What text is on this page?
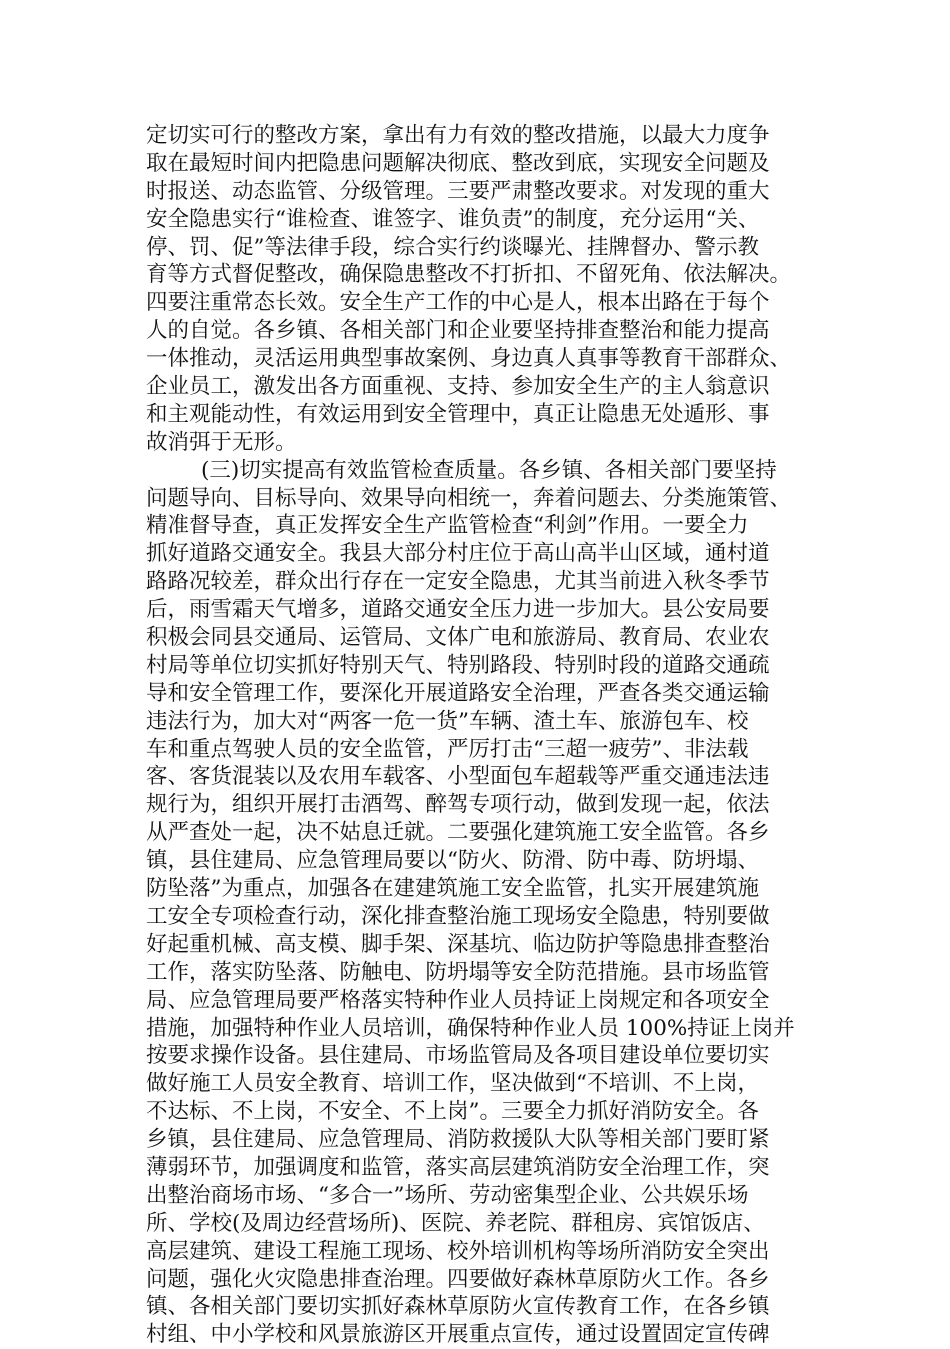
定切实可行的整改方案，拿出有力有效的整改措施，以最大力度争
取在最短时间内把隐患问题解决彻底、整改到底，实现安全问题及
时报送、动态监管、分级管理。三要严肃整改要求。对发现的重大
安全隐患实行“谁检查、谁签字、谁负责”的制度，充分运用“关、
停、罚、促”等法律手段，综合实行约谈曝光、挂牌督办、警示教
育等方式督促整改，确保隐患整改不打折扣、不留死角、依法解决。
四要注重常态长效。安全生产工作的中心是人，根本出路在于每个
人的自觉。各乡镇、各相关部门和企业要坚持排查整治和能力提高
一体推动，灵活运用典型事故案例、身边真人真事等教育干部群众、
企业员工，激发出各方面重视、支持、参加安全生产的主人翁意识
和主观能动性，有效运用到安全管理中，真正让隐患无处遁形、事
故消弭于无形。
(三)切实提高有效监管检查质量。各乡镇、各相关部门要坚持
问题导向、目标导向、效果导向相统一，奔着问题去、分类施策管、
精准督导查，真正发挥安全生产监管检查“利剑”作用。一要全力
抓好道路交通安全。我县大部分村庄位于高山高半山区域，通村道
路路况较差，群众出行存在一定安全隐患，尤其当前进入秋冬季节
后，雨雪霜天气增多，道路交通安全压力进一步加大。县公安局要
积极会同县交通局、运管局、文体广电和旅游局、教育局、农业农
村局等单位切实抓好特别天气、特别路段、特别时段的道路交通疏
导和安全管理工作，要深化开展道路安全治理，严查各类交通运输
违法行为，加大对“两客一危一货”车辆、渣土车、旅游包车、校
车和重点驾驶人员的安全监管，严厉打击“三超一疲劳”、非法载
客、客货混装以及农用车载客、小型面包车超载等严重交通违法违
规行为，组织开展打击酒驾、醉驾专项行动，做到发现一起，依法
从严查处一起，决不姑息迁就。二要强化建筑施工安全监管。各乡
镇，县住建局、应急管理局要以“防火、防滑、防中毒、防坍塌、
防坠落”为重点，加强各在建建筑施工安全监管，扎实开展建筑施
工安全专项检查行动，深化排查整治施工现场安全隐患，特别要做
好起重机械、高支模、脚手架、深基坑、临边防护等隐患排查整治
工作，落实防坠落、防触电、防坍塌等安全防范措施。县市场监管
局、应急管理局要严格落实特种作业人员持证上岗规定和各项安全
措施，加强特种作业人员培训，确保特种作业人员 100%持证上岗并
按要求操作设备。县住建局、市场监管局及各项目建设单位要切实
做好施工人员安全教育、培训工作，坚决做到“不培训、不上岗，
不达标、不上岗，不安全、不上岗”。三要全力抓好消防安全。各
乡镇，县住建局、应急管理局、消防救援队大队等相关部门要盯紧
薄弱环节，加强调度和监管，落实高层建筑消防安全治理工作，突
出整治商场市场、“多合一”场所、劳动密集型企业、公共娱乐场
所、学校(及周边经营场所)、医院、养老院、群租房、宾馆饭店、
高层建筑、建设工程施工现场、校外培训机构等场所消防安全突出
问题，强化火灾隐患排查治理。四要做好森林草原防火工作。各乡
镇、各相关部门要切实抓好森林草原防火宣传教育工作，在各乡镇
村组、中小学校和风景旅游区开展重点宣传，通过设置固定宣传碑
